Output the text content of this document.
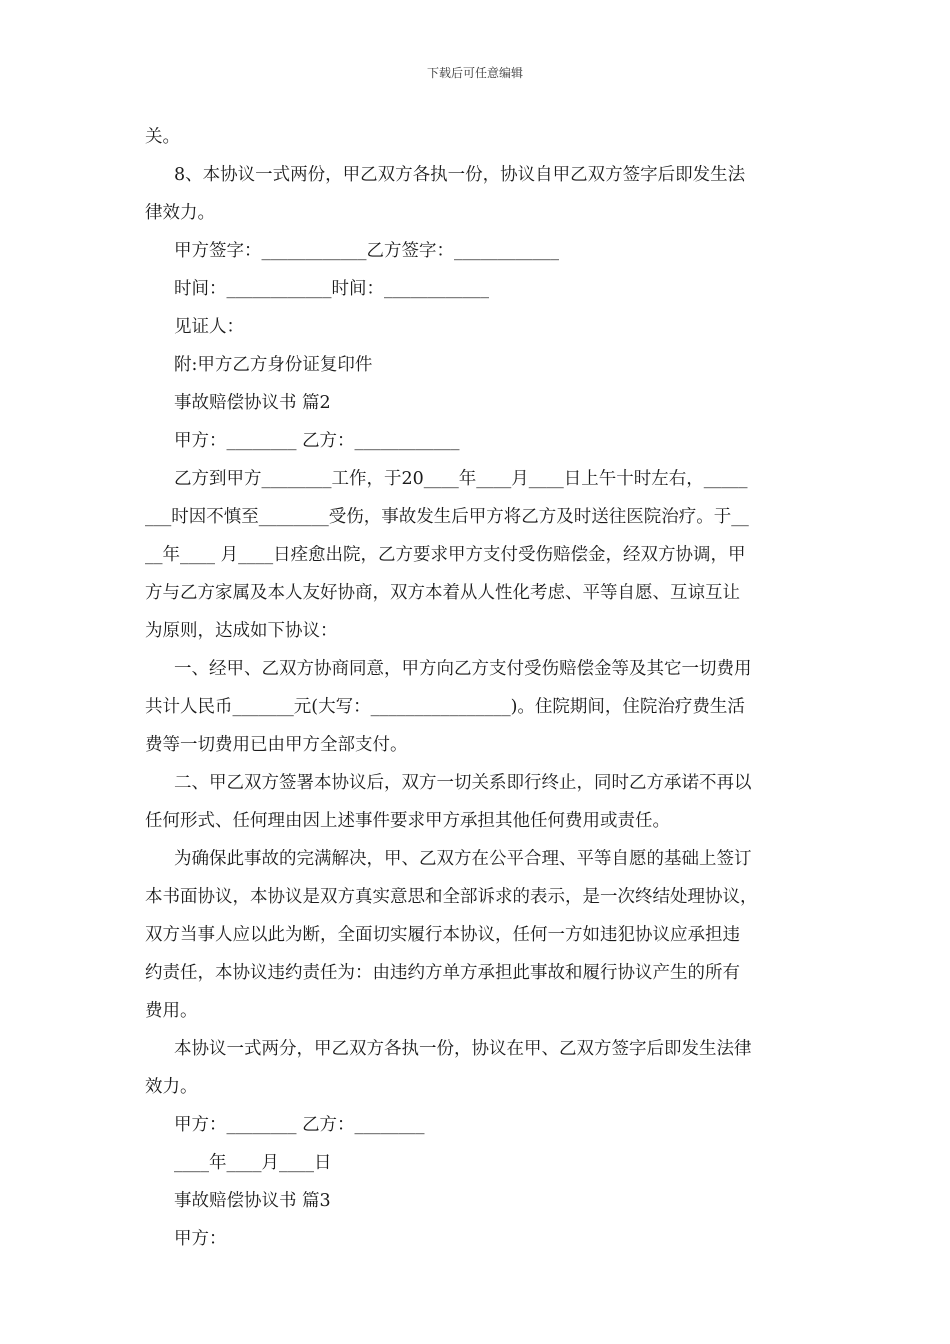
下载后可任意编辑
关。
8、本协议一式两份，甲乙双方各执一份，协议自甲乙双方签字后即发生法
律效力。
甲方签字：____________乙方签字：____________
时间：____________时间：____________
见证人：
附:甲方乙方身份证复印件
事故赔偿协议书 篇2
甲方：________ 乙方：____________
乙方到甲方________工作，于20____年____月____日上午十时左右，_____
___时因不慎至________受伤，事故发生后甲方将乙方及时送往医院治疗。于__
__年____ 月____日痊愈出院，乙方要求甲方支付受伤赔偿金，经双方协调，甲
方与乙方家属及本人友好协商，双方本着从人性化考虑、平等自愿、互谅互让
为原则，达成如下协议：
一、经甲、乙双方协商同意，甲方向乙方支付受伤赔偿金等及其它一切费用
共计人民币_______元(大写：________________)。住院期间，住院治疗费生活
费等一切费用已由甲方全部支付。
二、甲乙双方签署本协议后，双方一切关系即行终止，同时乙方承诺不再以
任何形式、任何理由因上述事件要求甲方承担其他任何费用或责任。
为确保此事故的完满解决，甲、乙双方在公平合理、平等自愿的基础上签订
本书面协议，本协议是双方真实意思和全部诉求的表示，是一次终结处理协议，
双方当事人应以此为断，全面切实履行本协议，任何一方如违犯协议应承担违
约责任，本协议违约责任为：由违约方单方承担此事故和履行协议产生的所有
费用。
本协议一式两分，甲乙双方各执一份，协议在甲、乙双方签字后即发生法律
效力。
甲方：________ 乙方：________
____年____月____日
事故赔偿协议书 篇3
甲方：
